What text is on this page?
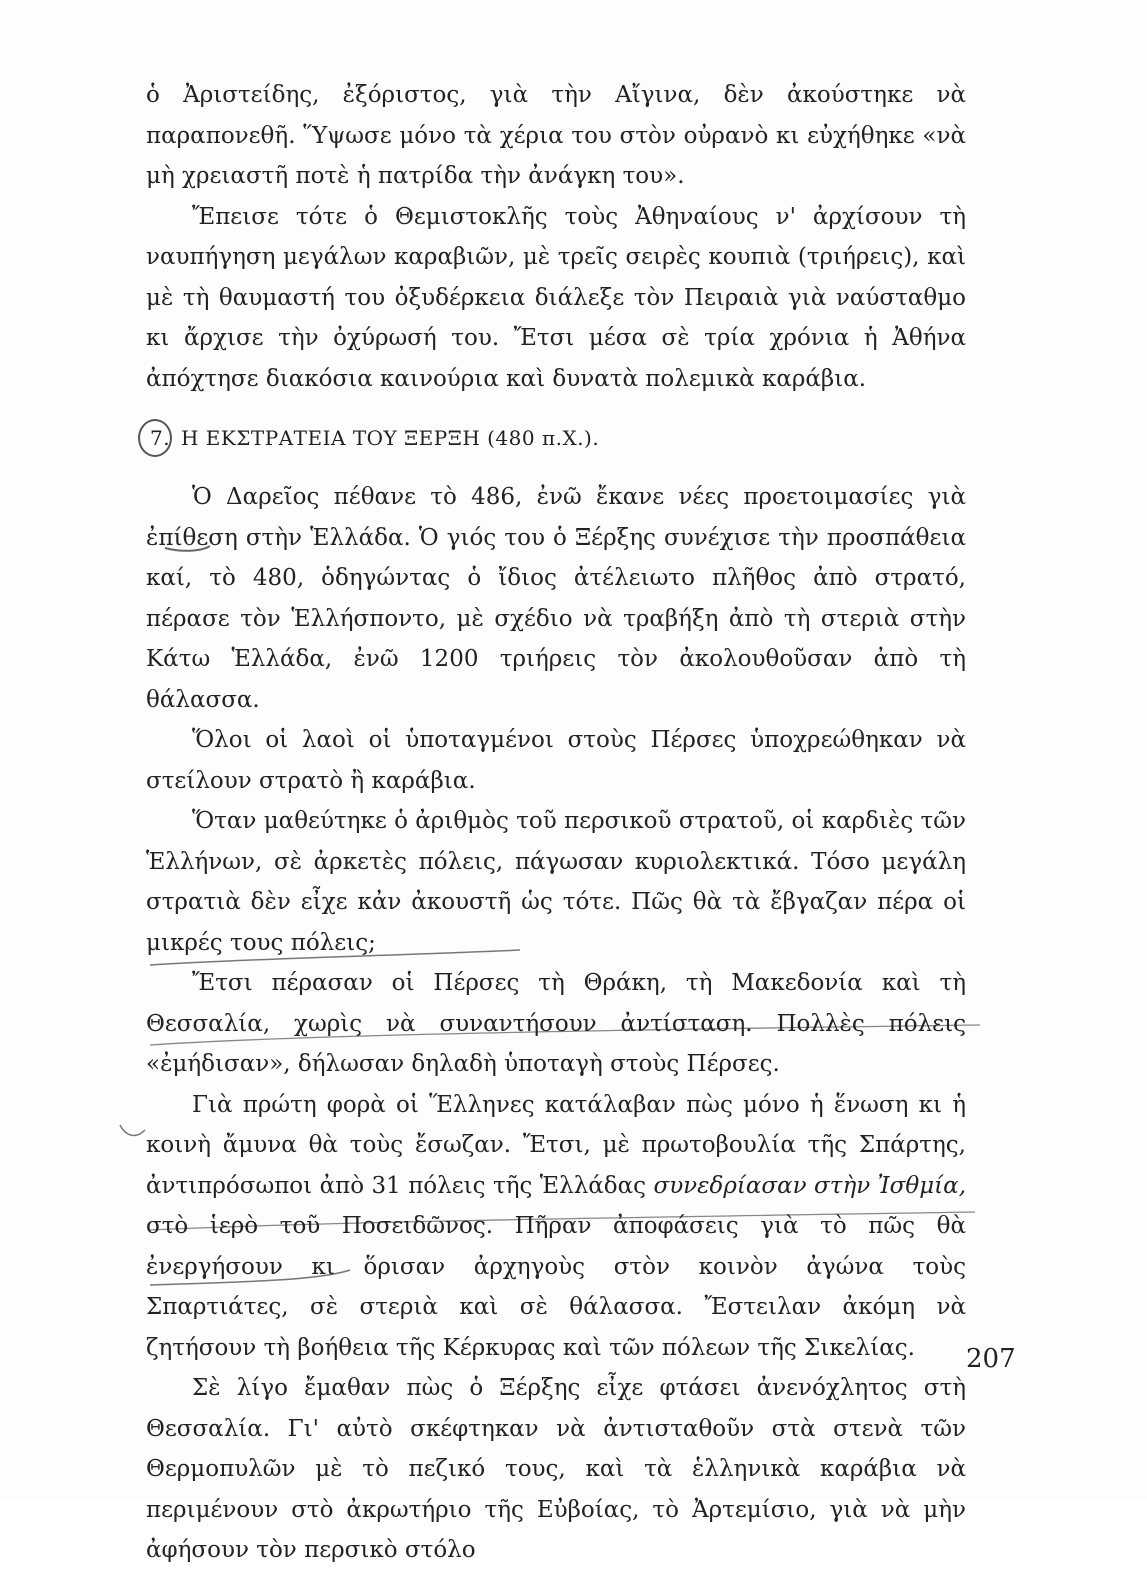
ὁ Ἀριστείδης, ἐξόριστος, γιὰ τὴν Αἴγινα, δὲν ἀκούστηκε νὰ παραπονεθῆ. Ὕψωσε μόνο τὰ χέρια του στὸν οὐρανὸ κι εὐχήθηκε «νὰ μὴ χρειαστῆ ποτὲ ἡ πατρίδα τὴν ἀνάγκη του».

Ἔπεισε τότε ὁ Θεμιστοκλῆς τοὺς Ἀθηναίους ν' ἀρχίσουν τὴ ναυπήγηση μεγάλων καραβιῶν, μὲ τρεῖς σειρὲς κουπιὰ (τριήρεις), καὶ μὲ τὴ θαυμαστή του ὀξυδέρκεια διάλεξε τὸν Πειραιὰ γιὰ ναύσταθμο κι ἄρχισε τὴν ὀχύρωσή του. Ἔτσι μέσα σὲ τρία χρόνια ἡ Ἀθήνα ἀπόχτησε διακόσια καινούρια καὶ δυνατὰ πολεμικὰ καράβια.

7. Η ΕΚΣΤΡΑΤΕΙΑ ΤΟΥ ΞΕΡΞΗ (480 π.Χ.).

Ὁ Δαρεῖος πέθανε τὸ 486, ἐνῶ ἔκανε νέες προετοιμασίες γιὰ ἐπίθεση στὴν Ἑλλάδα. Ὁ γιός του ὁ Ξέρξης συνέχισε τὴν προσπάθεια καί, τὸ 480, ὁδηγώντας ὁ ἴδιος ἀτέλειωτο πλῆθος ἀπὸ στρατό, πέρασε τὸν Ἑλλήσποντο, μὲ σχέδιο νὰ τραβήξη ἀπὸ τὴ στεριὰ στὴν Κάτω Ἑλλάδα, ἐνῶ 1200 τριήρεις τὸν ἀκολουθοῦσαν ἀπὸ τὴ θάλασσα.

Ὅλοι οἱ λαοὶ οἱ ὑποταγμένοι στοὺς Πέρσες ὑποχρεώθηκαν νὰ στείλουν στρατὸ ἢ καράβια.

Ὅταν μαθεύτηκε ὁ ἀριθμὸς τοῦ περσικοῦ στρατοῦ, οἱ καρδιὲς τῶν Ἑλλήνων, σὲ ἀρκετὲς πόλεις, πάγωσαν κυριολεκτικά. Τόσο μεγάλη στρατιὰ δὲν εἶχε κἀν ἀκουστῆ ὡς τότε. Πῶς θὰ τὰ ἔβγαζαν πέρα οἱ μικρές τους πόλεις;

Ἔτσι πέρασαν οἱ Πέρσες τὴ Θράκη, τὴ Μακεδονία καὶ τὴ Θεσσαλία, χωρὶς νὰ συναντήσουν ἀντίσταση. Πολλὲς πόλεις «ἐμήδισαν», δήλωσαν δηλαδὴ ὑποταγὴ στοὺς Πέρσες.

Γιὰ πρώτη φορὰ οἱ Ἕλληνες κατάλαβαν πὼς μόνο ἡ ἕνωση κι ἡ κοινὴ ἄμυνα θὰ τοὺς ἔσωζαν. Ἔτσι, μὲ πρωτοβουλία τῆς Σπάρτης, ἀντιπρόσωποι ἀπὸ 31 πόλεις τῆς Ἑλλάδας συνεδρίασαν στὴν Ἰσθμία, στὸ ἱερὸ τοῦ Ποσειδῶνος. Πῆραν ἀποφάσεις γιὰ τὸ πῶς θὰ ἐνεργήσουν κι ὅρισαν ἀρχηγοὺς στὸν κοινὸν ἀγώνα τοὺς Σπαρτιάτες, σὲ στεριὰ καὶ σὲ θάλασσα. Ἔστειλαν ἀκόμη νὰ ζητήσουν τὴ βοήθεια τῆς Κέρκυρας καὶ τῶν πόλεων τῆς Σικελίας.

Σὲ λίγο ἔμαθαν πὼς ὁ Ξέρξης εἶχε φτάσει ἀνενόχλητος στὴ Θεσσαλία. Γι' αὐτὸ σκέφτηκαν νὰ ἀντισταθοῦν στὰ στενὰ τῶν Θερμοπυλῶν μὲ τὸ πεζικό τους, καὶ τὰ ἑλληνικὰ καράβια νὰ περιμένουν στὸ ἀκρωτήριο τῆς Εὐβοίας, τὸ Ἀρτεμίσιο, γιὰ νὰ μὴν ἀφήσουν τὸν περσικὸ στόλο

207
